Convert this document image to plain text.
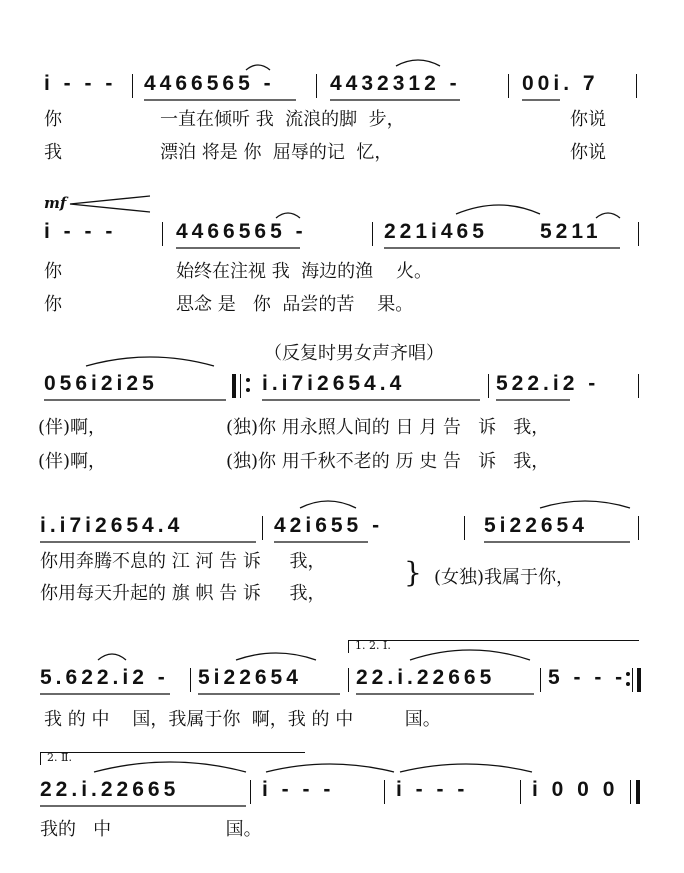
i - - - 4466565 -	4432312 -	00i. 7
你	一直在倾听 我  流浪的脚  步，	你说
我	漂泊 将是 你  屈辱的记  忆，	你说
mf
i - - -	4466565 -	221i465 5211
你	始终在注视 我  海边的渔    火。
你	思念 是   你  品尝的苦    果。
（反复时男女声齐唱）
056i2i25	i.i7i2654.4	522.i2 -
(伴)啊，	(独)你 用永照人间的 日 月 告   诉   我，
(伴)啊，	(独)你 用千秋不老的 历 史 告   诉   我，
i.i7i2654.4	42i655 -	5i22654
你用奔腾不息的 江 河 告 诉     我，
你用每天升起的 旗 帜 告 诉     我，
} (女独)我属于你，
1. 2. Ⅰ.
5.622.i2 - 5i22654	22.i.22665	5 - - -
我 的 中    国，我属于你  啊，我 的 中         国。
2. Ⅱ.
22.i.22665	i - - -	i - - -	i 0 0 0
我的   中                    国。
